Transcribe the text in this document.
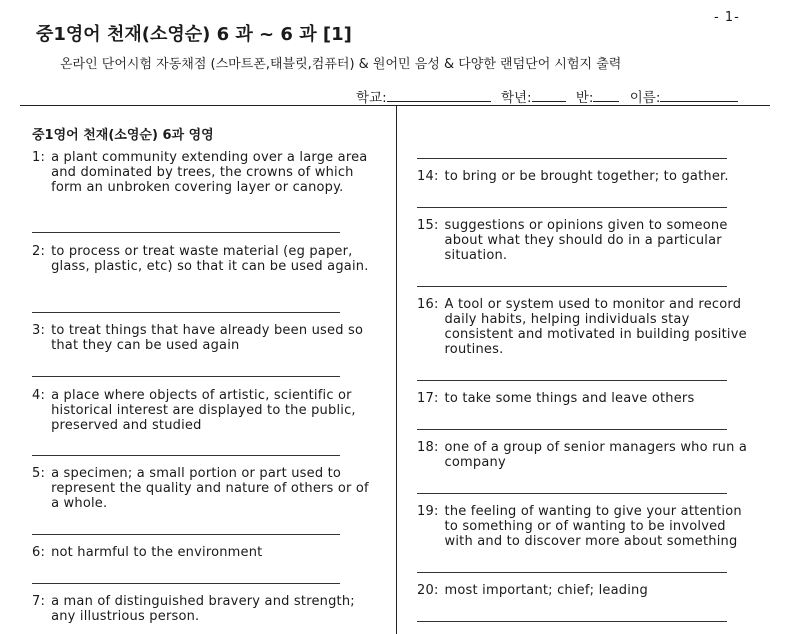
- 1-
중1영어 천재(소영순) 6 과 ~ 6 과 [1]
온라인 단어시험 자동채점 (스마트폰,태블릿,컴퓨터) & 원어민 음성 & 다양한 랜덤단어 시험지 출력
학교:	학년:	반:	이름:
중1영어 천재(소영순) 6과 영영
1: a plant community extending over a large area and dominated by trees, the crowns of which form an unbroken covering layer or canopy.
2: to process or treat waste material (eg paper, glass, plastic, etc) so that it can be used again.
3: to treat things that have already been used so that they can be used again
4: a place where objects of artistic, scientific or historical interest are displayed to the public, preserved and studied
5: a specimen; a small portion or part used to represent the quality and nature of others or of a whole.
6: not harmful to the environment
7: a man of distinguished bravery and strength; any illustrious person.
14: to bring or be brought together; to gather.
15: suggestions or opinions given to someone about what they should do in a particular situation.
16: A tool or system used to monitor and record daily habits, helping individuals stay consistent and motivated in building positive routines.
17: to take some things and leave others
18: one of a group of senior managers who run a company
19: the feeling of wanting to give your attention to something or of wanting to be involved with and to discover more about something
20: most important; chief; leading
